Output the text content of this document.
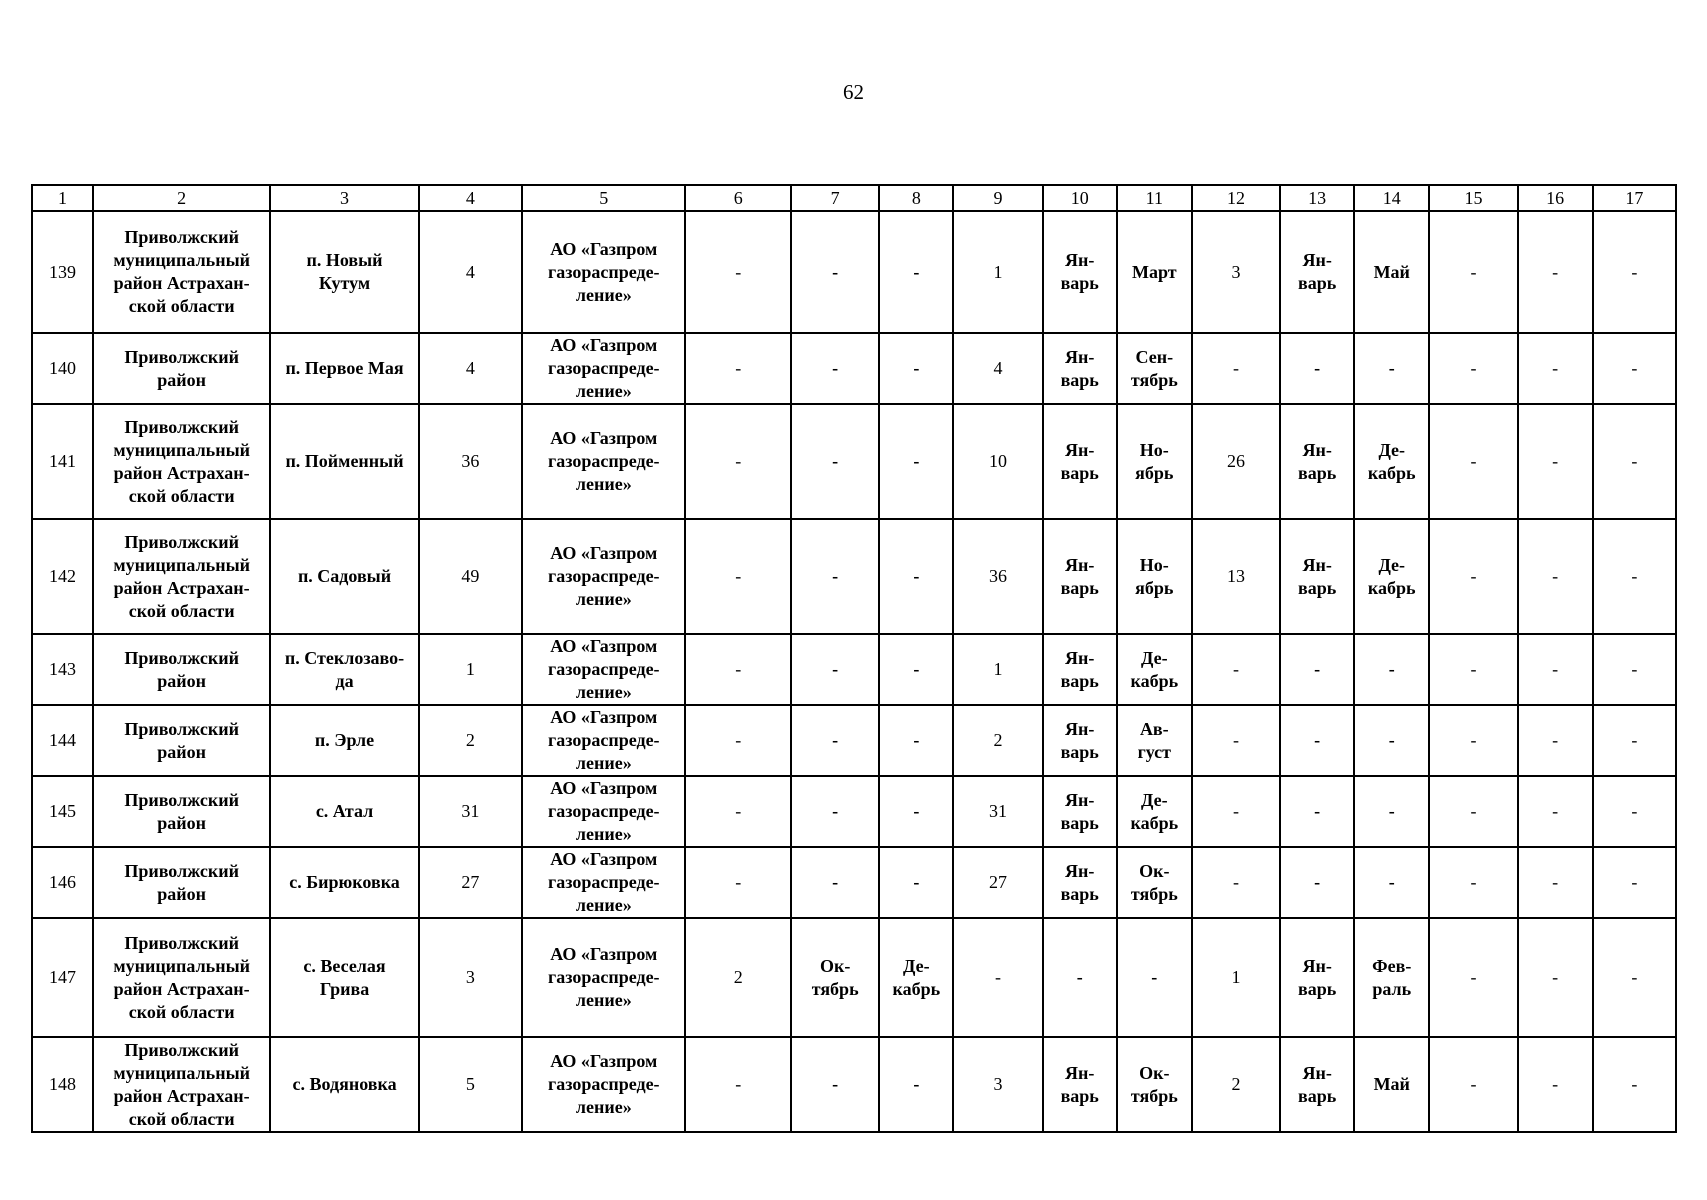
62
1	2	3	4	5	6	7	8	9	10	11	12	13	14	15	16	17
139	Приволжский
муниципальный
район Астрахан-
ской области	п. Новый
Кутум	4	АО «Газпром
газораспреде-
ление»	-	-	-	1	Ян-
варь	Март	3	Ян-
варь	Май	-	-	-
140	Приволжский
район	п. Первое Мая	4	АО «Газпром
газораспреде-
ление»	-	-	-	4	Ян-
варь	Сен-
тябрь	-	-	-	-	-	-
141	Приволжский
муниципальный
район Астрахан-
ской области	п. Пойменный	36	АО «Газпром
газораспреде-
ление»	-	-	-	10	Ян-
варь	Но-
ябрь	26	Ян-
варь	Де-
кабрь	-	-	-
142	Приволжский
муниципальный
район Астрахан-
ской области	п. Садовый	49	АО «Газпром
газораспреде-
ление»	-	-	-	36	Ян-
варь	Но-
ябрь	13	Ян-
варь	Де-
кабрь	-	-	-
143	Приволжский
район	п. Стеклозаво-
да	1	АО «Газпром
газораспреде-
ление»	-	-	-	1	Ян-
варь	Де-
кабрь	-	-	-	-	-	-
144	Приволжский
район	п. Эрле	2	АО «Газпром
газораспреде-
ление»	-	-	-	2	Ян-
варь	Ав-
густ	-	-	-	-	-	-
145	Приволжский
район	с. Атал	31	АО «Газпром
газораспреде-
ление»	-	-	-	31	Ян-
варь	Де-
кабрь	-	-	-	-	-	-
146	Приволжский
район	с. Бирюковка	27	АО «Газпром
газораспреде-
ление»	-	-	-	27	Ян-
варь	Ок-
тябрь	-	-	-	-	-	-
147	Приволжский
муниципальный
район Астрахан-
ской области	с. Веселая
Грива	3	АО «Газпром
газораспреде-
ление»	2	Ок-
тябрь	Де-
кабрь	-	-	-	1	Ян-
варь	Фев-
раль	-	-	-
148	Приволжский
муниципальный
район Астрахан-
ской области	с. Водяновка	5	АО «Газпром
газораспреде-
ление»	-	-	-	3	Ян-
варь	Ок-
тябрь	2	Ян-
варь	Май	-	-	-
